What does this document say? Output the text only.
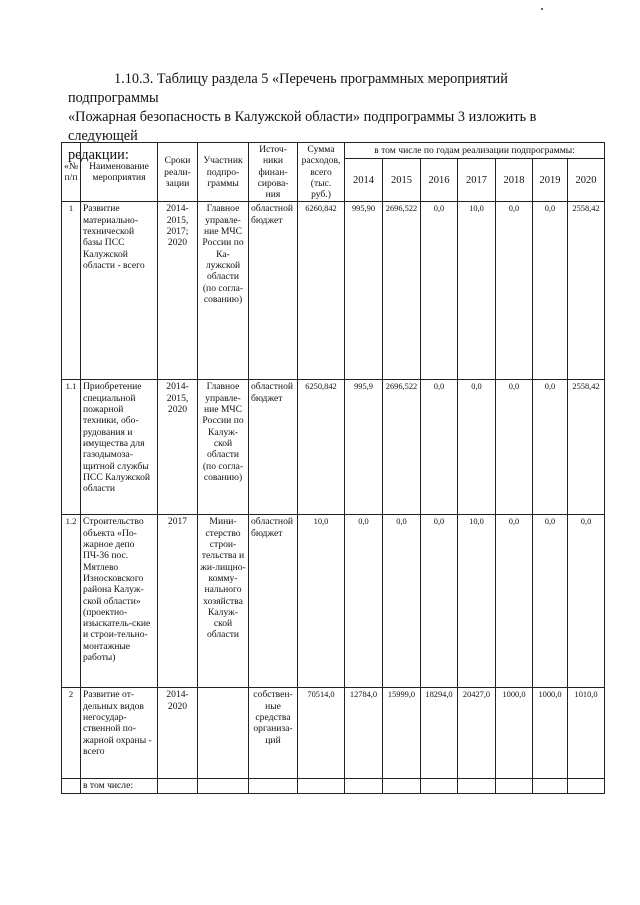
1.10.3. Таблицу раздела 5 «Перечень программных мероприятий подпрограммы

«Пожарная безопасность в Калужской области» подпрограммы 3 изложить в следующей

редакции:

«№ п/п	Наименование мероприятия	Сроки реали-зации	Участник подпро-граммы	Источ-ники финан-сирова-ния	Сумма расходов, всего (тыс. руб.)	в том числе по годам реализации подпрограммы:						
						2014	2015	2016	2017	2018	2019	2020
1	Развитие материально-технической базы ПСС Калужской области - всего	2014-2015, 2017; 2020	Главное управле-ние МЧС России по Ка-лужской области (по согла-сованию)	областной бюджет	6260,842	995,90	2696,522	0,0	10,0	0,0	0,0	2558,42
1.1	Приобретение специальной пожарной техники, обо-рудования и имущества для газодымоза-щитной службы ПСС Калужской области	2014-2015, 2020	Главное управле-ние МЧС России по Калуж-ской области (по согла-сованию)	областной бюджет	6250,842	995,9	2696,522	0,0	0,0	0,0	0,0	2558,42
1.2	Строительство объекта «По-жарное депо ПЧ-36 пос. Мятлево Износковского района Калуж-ской области» (проектно-изыскатель-ские и строи-тельно-монтажные работы)	2017	Мини-стерство строи-тельства и жи-лищно-комму-нального хозяйства Калуж-ской области	областной бюджет	10,0	0,0	0,0	0,0	10,0	0,0	0,0	0,0
2	Развитие от-дельных видов негосудар-ственной по-жарной охраны - всего	2014-2020		собствен-ные средства организа-ций	70514,0	12784,0	15999,0	18294,0	20427,0	1000,0	1000,0	1010,0
	в том числе:											
